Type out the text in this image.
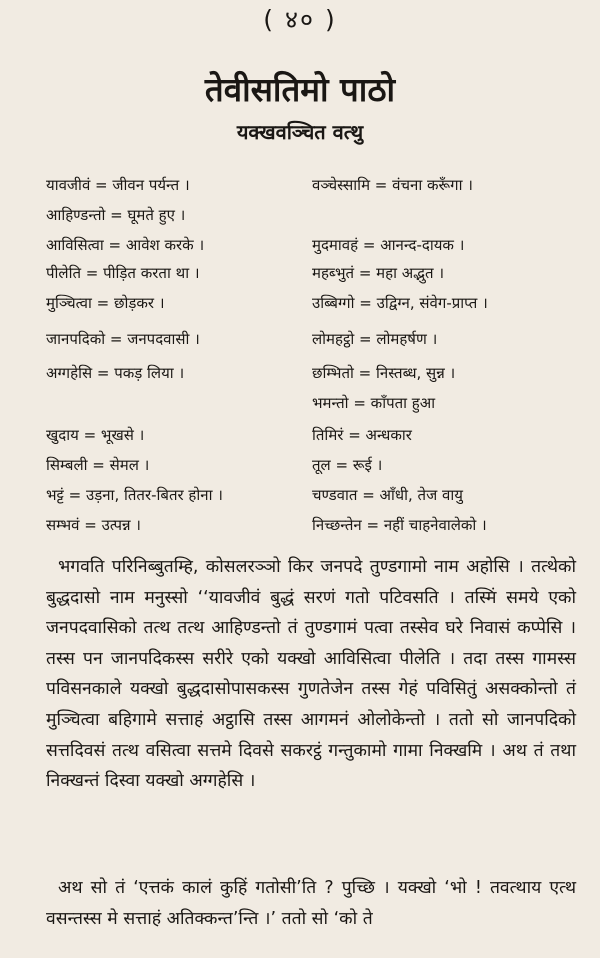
( ४० )
तेवीसतिमो पाठो
यक्खवञ्चित वत्थु
यावजीवं = जीवन पर्यन्त ।
आहिण्डन्तो = घूमते हुए ।
आविसित्वा = आवेश करके ।
पीलेति = पीड़ित करता था ।
मुञ्चित्वा = छोड़कर ।
जानपदिको = जनपदवासी ।
अग्गहेसि = पकड़ लिया ।
खुदाय = भूखसे ।
सिम्बली = सेमल ।
भट्टं = उड़ना, तितर-बितर होना ।
सम्भवं = उत्पन्न ।
वञ्चेस्सामि = वंचना करूँगा ।
मुदमावहं = आनन्द-दायक ।
महब्भुतं = महा अद्भुत ।
उब्बिग्गो = उद्विग्न, संवेग-प्राप्त ।
लोमहट्ठो = लोमहर्षण ।
छम्भितो = निस्तब्ध, सुन्न ।
भमन्तो = काँपता हुआ
तिमिरं = अन्धकार
तूल = रूई ।
चण्डवात = आँधी, तेज वायु
निच्छन्तेन = नहीं चाहनेवालेको ।
भगवति परिनिब्बुतम्हि, कोसलरञ्ञो किर जनपदे तुण्डगामो नाम अहोसि । तत्थेको बुद्धदासो नाम मनुस्सो ‘‘यावजीवं बुद्धं सरणं गतो पटिवसति । तस्मिं समये एको जनपदवासिको तत्थ तत्थ आहिण्डन्तो तं तुण्डगामं पत्वा तस्सेव घरे निवासं कप्पेसि । तस्स पन जानपदिकस्स सरीरे एको यक्खो आविसित्वा पीलेति । तदा तस्स गामस्स पविसनकाले यक्खो बुद्धदासोपासकस्स गुणतेजेन तस्स गेहं पविसितुं असक्कोन्तो तं मुञ्चित्वा बहिगामे सत्ताहं अट्ठासि तस्स आगमनं ओलोकेन्तो । ततो सो जानपदिको सत्तदिवसं तत्थ वसित्वा सत्तमे दिवसे सकरट्ठं गन्तुकामो गामा निक्खमि । अथ तं तथा निक्खन्तं दिस्वा यक्खो अग्गहेसि ।
अथ सो तं ‘एत्तकं कालं कुहिं गतोसी’ति ? पुच्छि । यक्खो ‘भो ! तवत्थाय एत्थ वसन्तस्स मे सत्ताहं अतिक्कन्त’न्ति ।’ ततो सो ‘को ते
